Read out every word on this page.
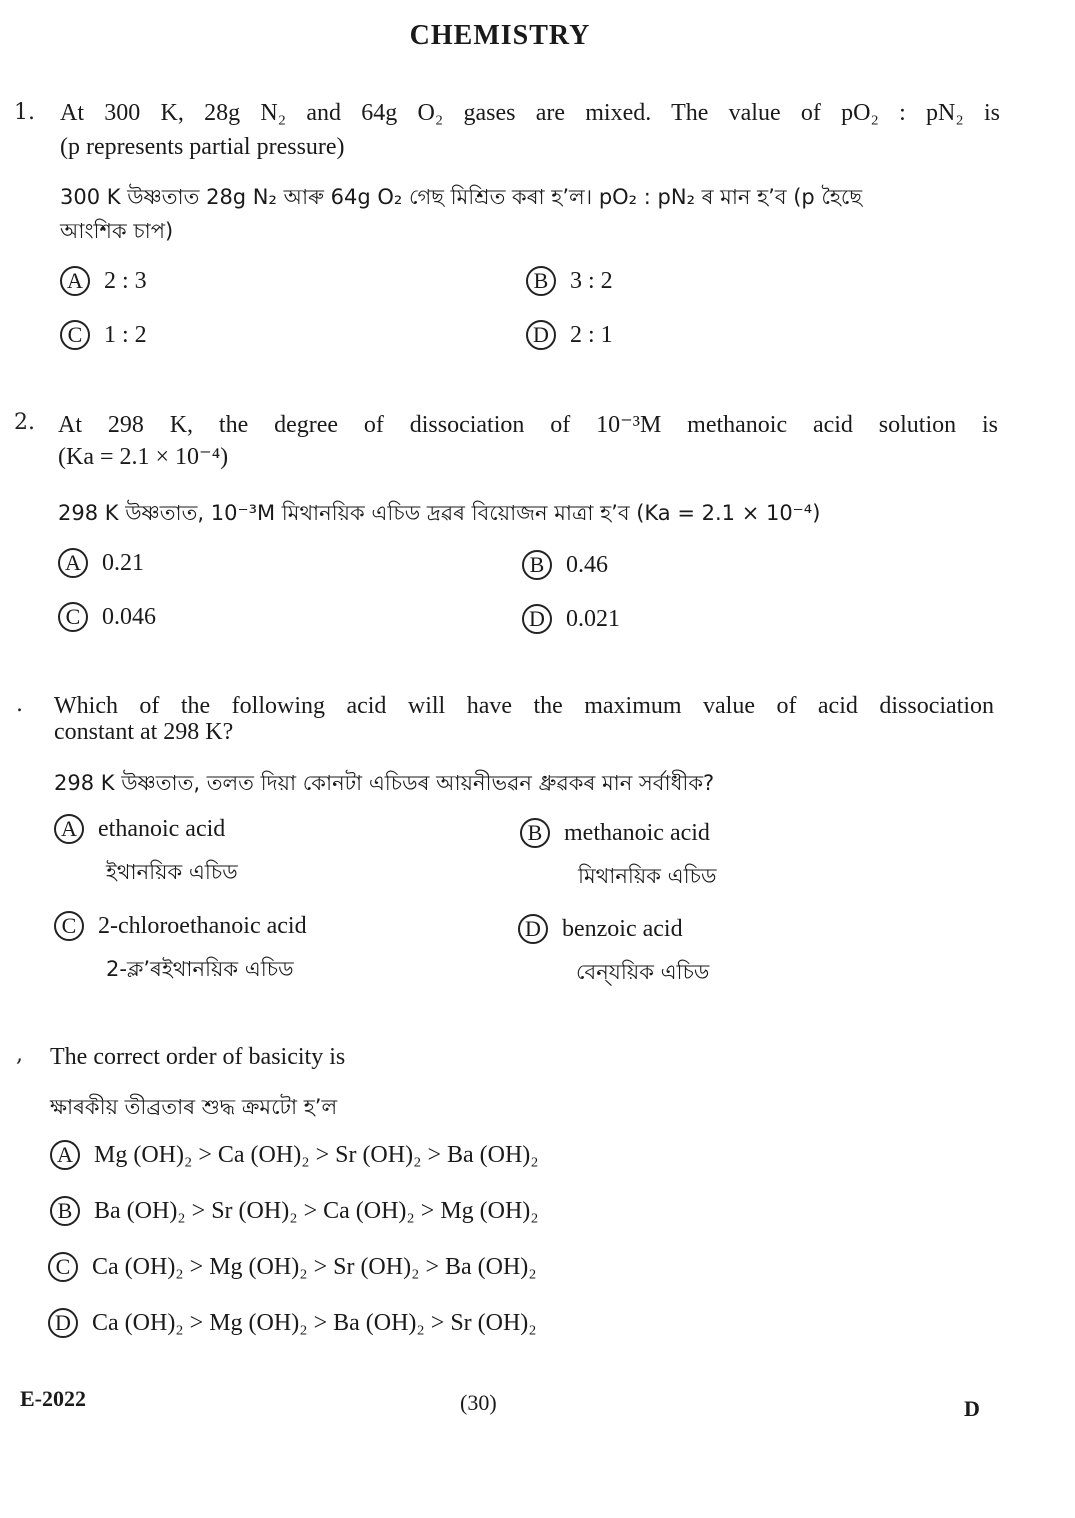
CHEMISTRY
1. At 300 K, 28g N₂ and 64g O₂ gases are mixed. The value of pO₂ : pN₂ is
(p represents partial pressure)
300 K উষ্ণতাত 28g N₂ আৰু 64g O₂ গেছ মিশ্রিত কৰা হ’ল। pO₂ : pN₂ ৰ মান হ’ব (p হৈছে
আংশিক চাপ)
A 2 : 3	B 3 : 2
C 1 : 2	D 2 : 1
2. At 298 K, the degree of dissociation of 10⁻³M methanoic acid solution is
(Ka = 2.1 × 10⁻⁴)
298 K উষ্ণতাত, 10⁻³M মিথানয়িক এচিড দ্ৰৱৰ বিয়োজন মাত্ৰা হ’ব (Ka = 2.1 × 10⁻⁴)
A 0.21	B 0.46
C 0.046	D 0.021
. Which of the following acid will have the maximum value of acid dissociation
constant at 298 K?
298 K উষ্ণতাত, তলত দিয়া কোনটা এচিডৰ আয়নীভৱন ধ্ৰুৱকৰ মান সৰ্বাধীক?
A ethanoic acid
ইথানয়িক এচিড
B methanoic acid
মিথানয়িক এচিড
C 2-chloroethanoic acid
2-ক্ল’ৰইথানয়িক এচিড
D benzoic acid
বেন্‌যয়িক এচিড
, The correct order of basicity is
ক্ষাৰকীয় তীব্ৰতাৰ শুদ্ধ ক্ৰমটো হ’ল
A Mg (OH)₂ > Ca (OH)₂ > Sr (OH)₂ > Ba (OH)₂
B Ba (OH)₂ > Sr (OH)₂ > Ca (OH)₂ > Mg (OH)₂
C Ca (OH)₂ > Mg (OH)₂ > Sr (OH)₂ > Ba (OH)₂
D Ca (OH)₂ > Mg (OH)₂ > Ba (OH)₂ > Sr (OH)₂
E-2022	(30)	D
